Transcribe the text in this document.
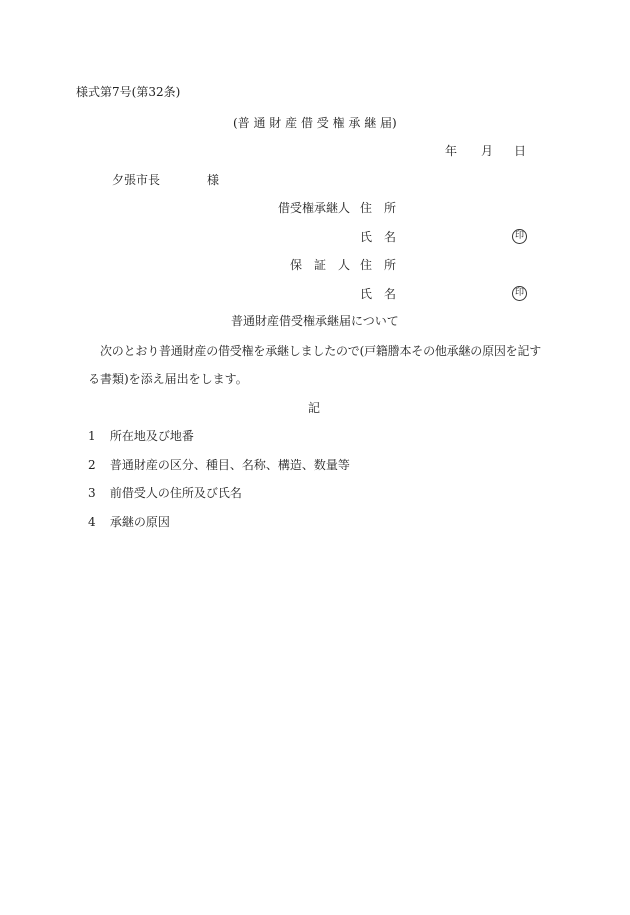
様式第7号(第32条)
(普 通 財 産 借 受 権 承 継 届)
年 月 日
夕張市長	様
借受権承継人 住　所
氏　名	印
保　証　人 住　所
氏　名	印
普通財産借受権承継届について
次のとおり普通財産の借受権を承継しましたので(戸籍謄本その他承継の原因を記す
る書類)を添え届出をします。
記
1 所在地及び地番
2 普通財産の区分、種目、名称、構造、数量等
3 前借受人の住所及び氏名
4 承継の原因
